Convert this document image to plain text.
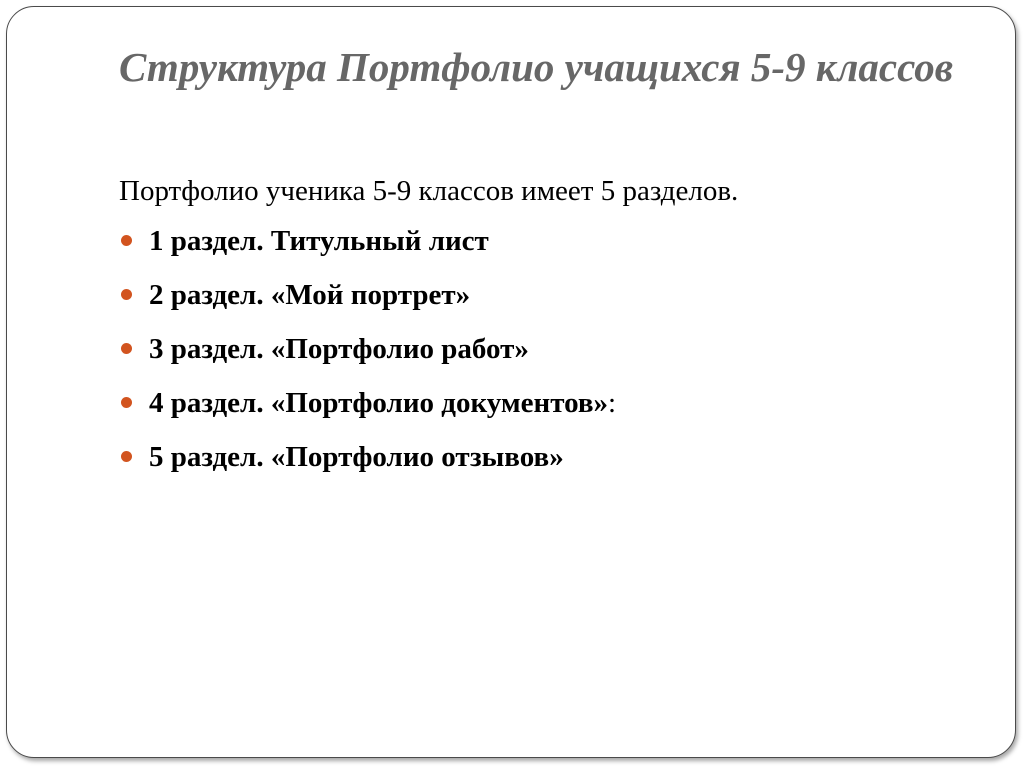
Структура Портфолио учащихся 5-9 классов

Портфолио ученика 5-9 классов имеет 5 разделов.

1 раздел. Титульный лист
2 раздел. «Мой портрет»
3 раздел. «Портфолио работ»
4 раздел. «Портфолио документов»:
5 раздел. «Портфолио отзывов»
